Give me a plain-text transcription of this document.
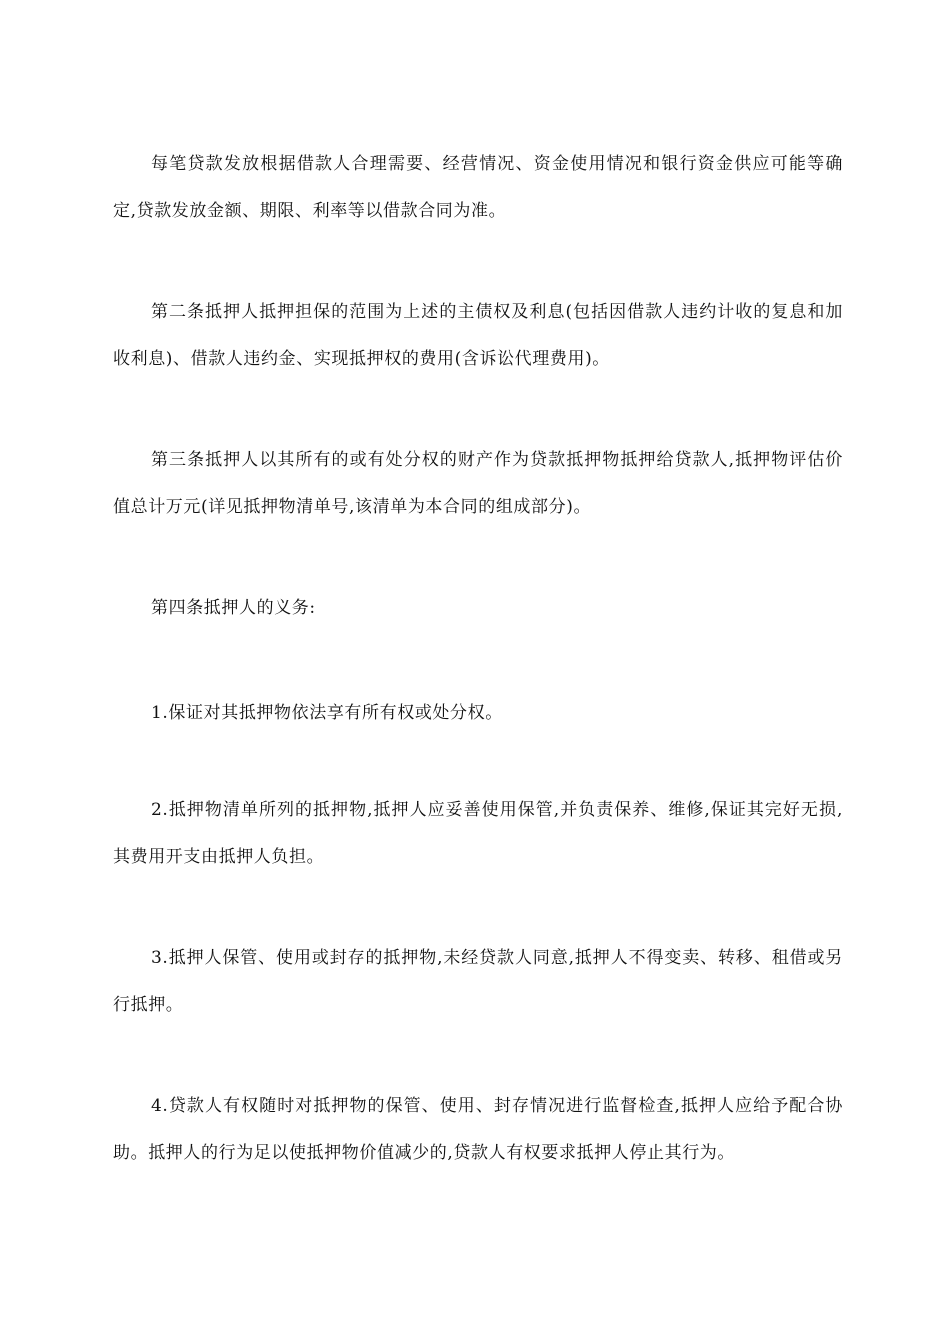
每笔贷款发放根据借款人合理需要、经营情况、资金使用情况和银行资金供应可能等确定,贷款发放金额、期限、利率等以借款合同为准。

第二条抵押人抵押担保的范围为上述的主债权及利息(包括因借款人违约计收的复息和加收利息)、借款人违约金、实现抵押权的费用(含诉讼代理费用)。

第三条抵押人以其所有的或有处分权的财产作为贷款抵押物抵押给贷款人,抵押物评估价值总计万元(详见抵押物清单号,该清单为本合同的组成部分)。

第四条抵押人的义务:

1.保证对其抵押物依法享有所有权或处分权。

2.抵押物清单所列的抵押物,抵押人应妥善使用保管,并负责保养、维修,保证其完好无损,其费用开支由抵押人负担。

3.抵押人保管、使用或封存的抵押物,未经贷款人同意,抵押人不得变卖、转移、租借或另行抵押。

4.贷款人有权随时对抵押物的保管、使用、封存情况进行监督检查,抵押人应给予配合协助。抵押人的行为足以使抵押物价值减少的,贷款人有权要求抵押人停止其行为。
